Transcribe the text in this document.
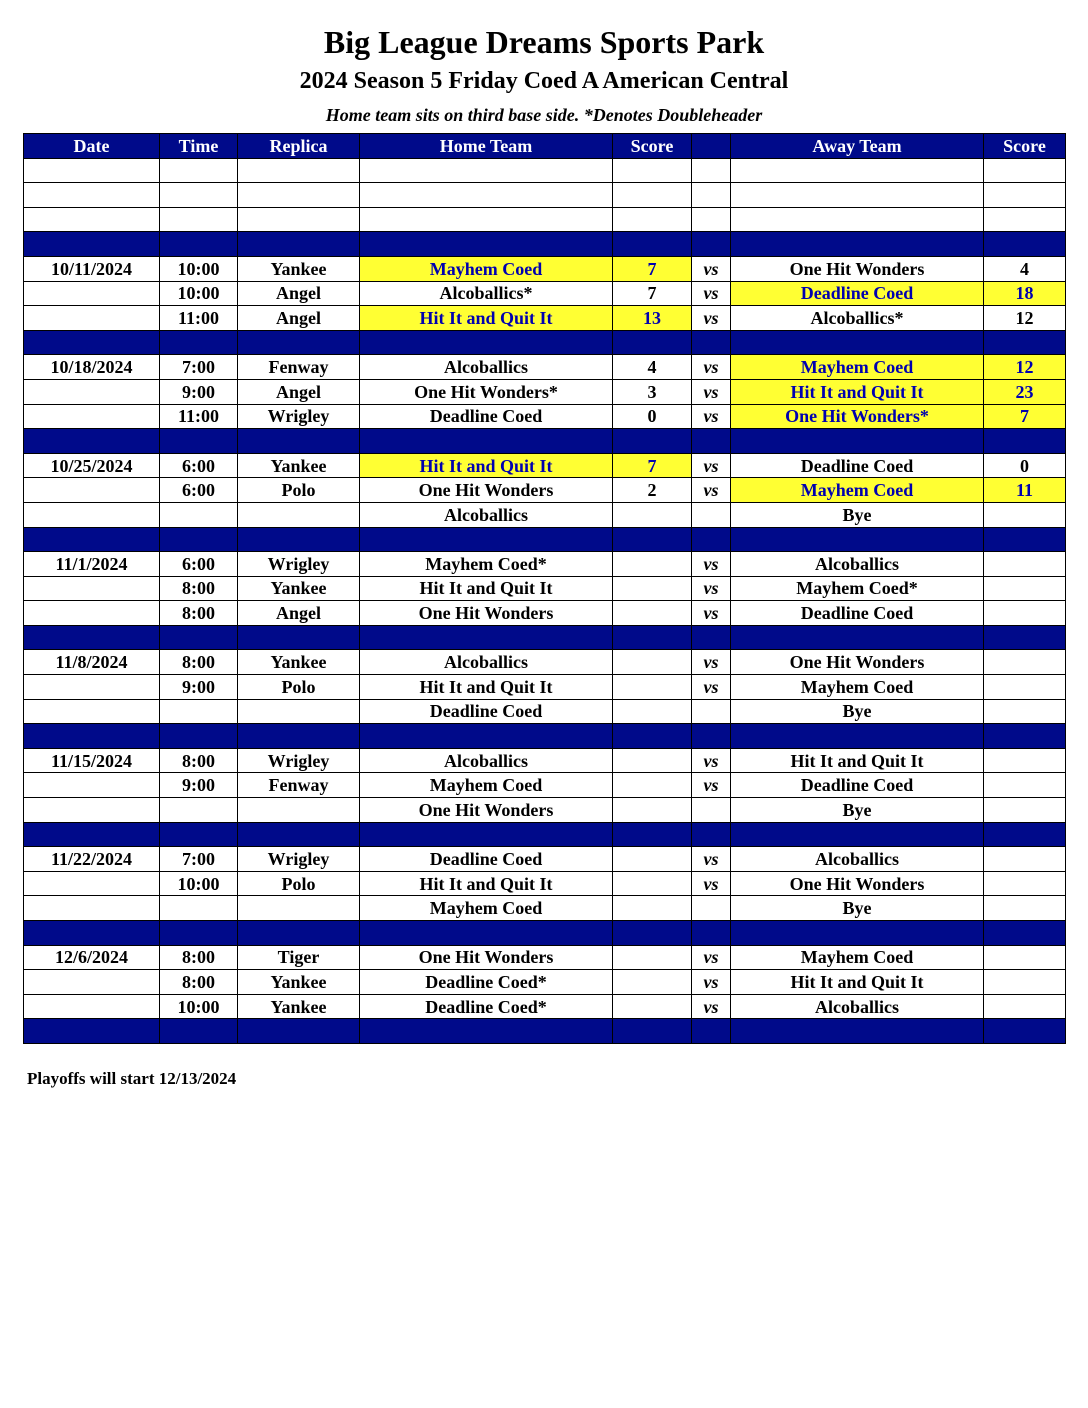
Big League Dreams Sports Park
2024 Season 5 Friday Coed A American Central
Home team sits on third base side. *Denotes Doubleheader
Date	Time	Replica	Home Team	Score		Away Team	Score

10/11/2024	10:00	Yankee	Mayhem Coed	7	vs	One Hit Wonders	4
	10:00	Angel	Alcoballics*	7	vs	Deadline Coed	18
	11:00	Angel	Hit It and Quit It	13	vs	Alcoballics*	12

10/18/2024	7:00	Fenway	Alcoballics	4	vs	Mayhem Coed	12
	9:00	Angel	One Hit Wonders*	3	vs	Hit It and Quit It	23
	11:00	Wrigley	Deadline Coed	0	vs	One Hit Wonders*	7

10/25/2024	6:00	Yankee	Hit It and Quit It	7	vs	Deadline Coed	0
	6:00	Polo	One Hit Wonders	2	vs	Mayhem Coed	11
			Alcoballics			Bye	

11/1/2024	6:00	Wrigley	Mayhem Coed*		vs	Alcoballics	
	8:00	Yankee	Hit It and Quit It		vs	Mayhem Coed*	
	8:00	Angel	One Hit Wonders		vs	Deadline Coed	

11/8/2024	8:00	Yankee	Alcoballics		vs	One Hit Wonders	
	9:00	Polo	Hit It and Quit It		vs	Mayhem Coed	
			Deadline Coed			Bye	

11/15/2024	8:00	Wrigley	Alcoballics		vs	Hit It and Quit It	
	9:00	Fenway	Mayhem Coed		vs	Deadline Coed	
			One Hit Wonders			Bye	

11/22/2024	7:00	Wrigley	Deadline Coed		vs	Alcoballics	
	10:00	Polo	Hit It and Quit It		vs	One Hit Wonders	
			Mayhem Coed			Bye	

12/6/2024	8:00	Tiger	One Hit Wonders		vs	Mayhem Coed	
	8:00	Yankee	Deadline Coed*		vs	Hit It and Quit It	
	10:00	Yankee	Deadline Coed*		vs	Alcoballics	

Playoffs will start 12/13/2024
